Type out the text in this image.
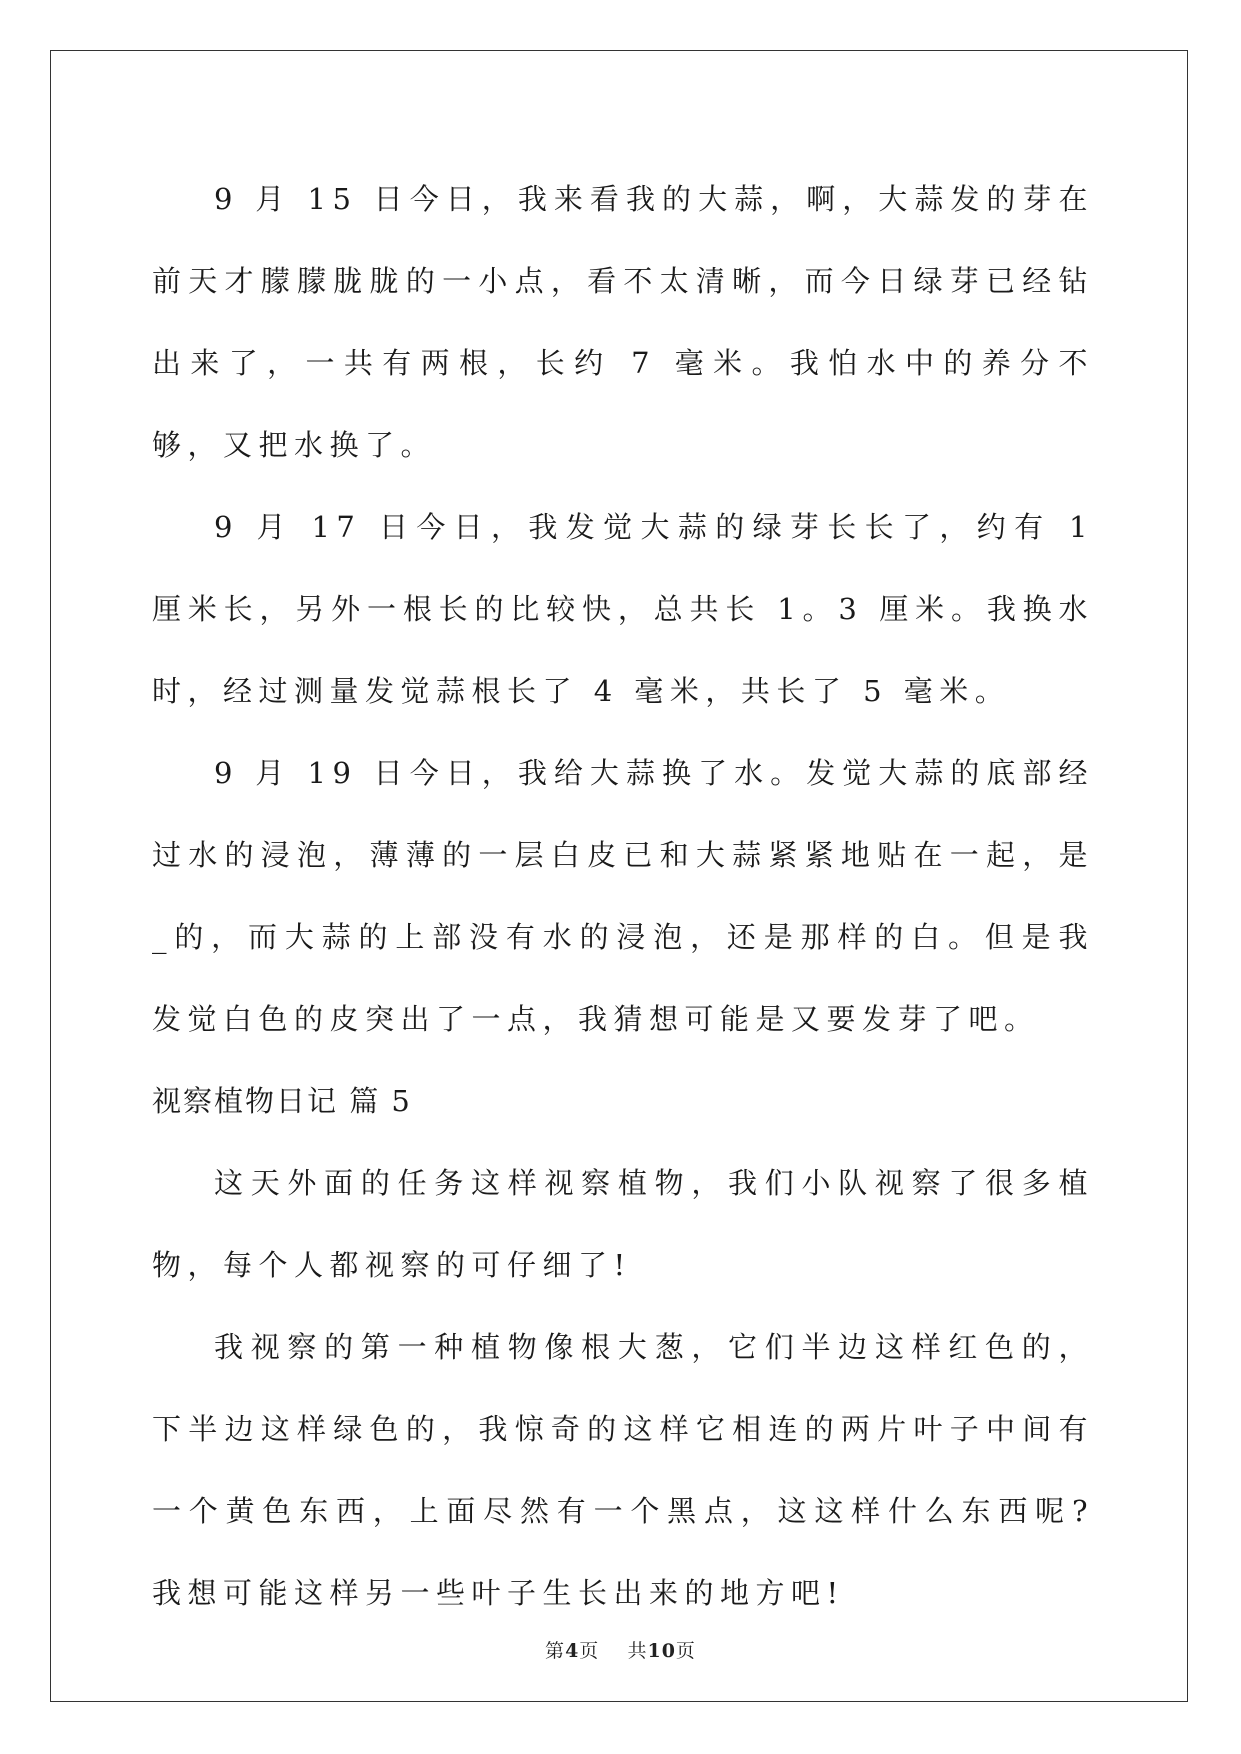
9 月 15 日今日，我来看我的大蒜，啊，大蒜发的芽在前天才朦朦胧胧的一小点，看不太清晰，而今日绿芽已经钻出来了，一共有两根，长约 7 毫米。我怕水中的养分不够，又把水换了。

9 月 17 日今日，我发觉大蒜的绿芽长长了，约有 1 厘米长，另外一根长的比较快，总共长 1。3 厘米。我换水时，经过测量发觉蒜根长了 4 毫米，共长了 5 毫米。

9 月 19 日今日，我给大蒜换了水。发觉大蒜的底部经过水的浸泡，薄薄的一层白皮已和大蒜紧紧地贴在一起，是_的，而大蒜的上部没有水的浸泡，还是那样的白。但是我发觉白色的皮突出了一点，我猜想可能是又要发芽了吧。

视察植物日记 篇 5

这天外面的任务这样视察植物，我们小队视察了很多植物，每个人都视察的可仔细了!

我视察的第一种植物像根大葱，它们半边这样红色的，下半边这样绿色的，我惊奇的这样它相连的两片叶子中间有一个黄色东西，上面尽然有一个黑点，这这样什么东西呢?我想可能这样另一些叶子生长出来的地方吧!

第4页    共10页
